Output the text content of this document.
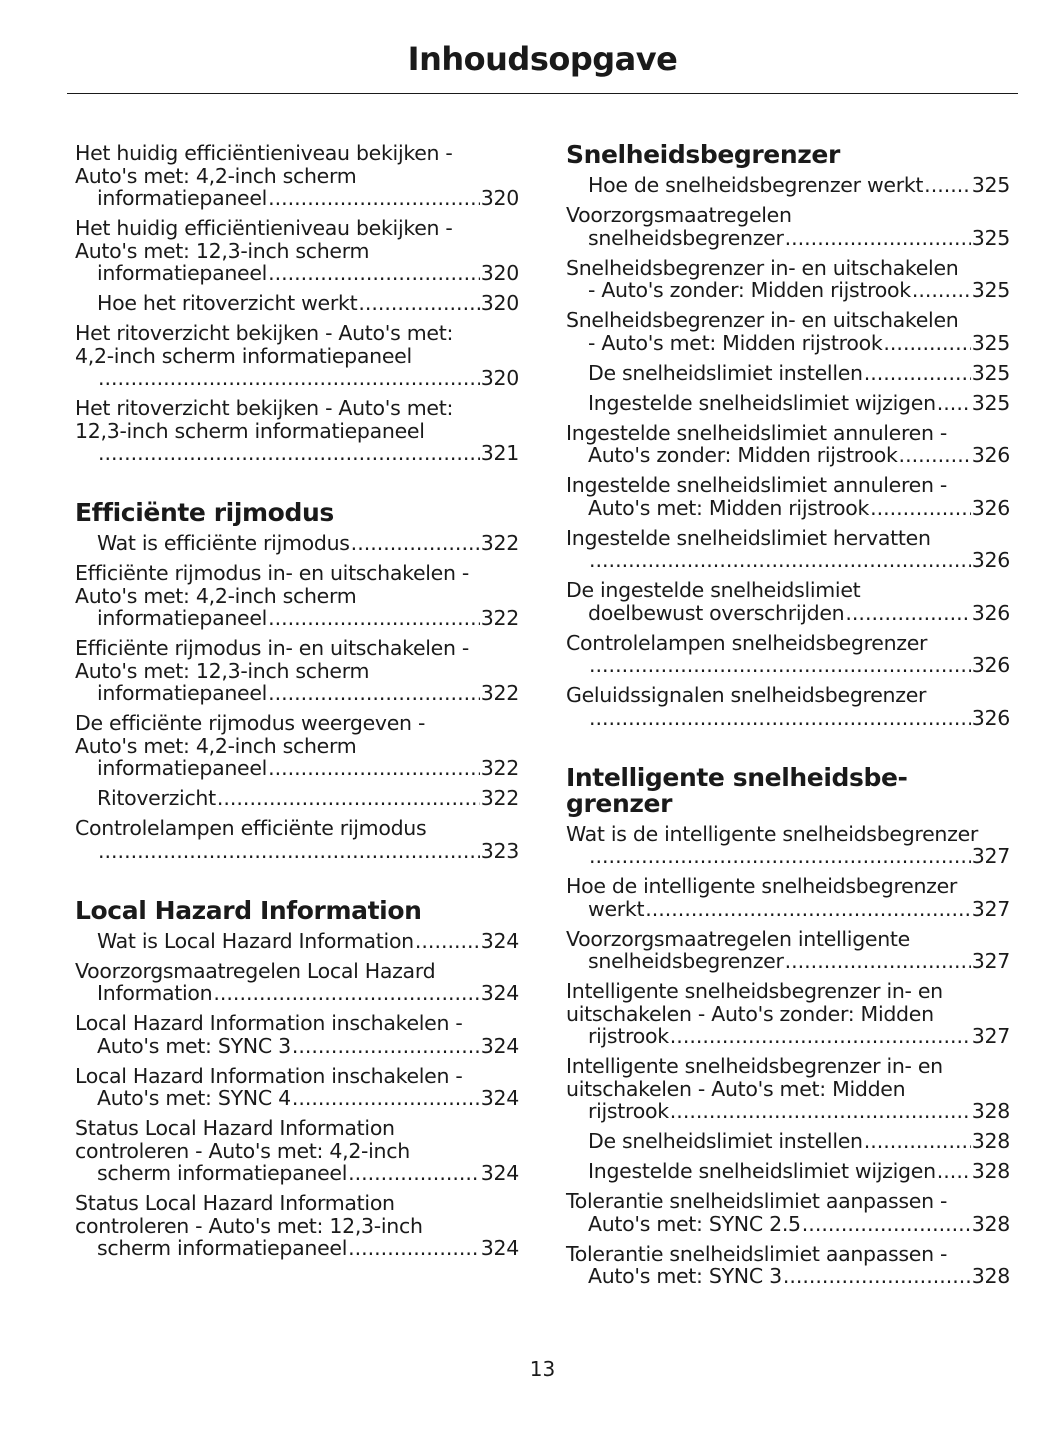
Inhoudsopgave
Het huidig efficiëntieniveau bekijken -
Auto's met: 4,2-inch scherm
informatiepaneel .....	320
Het huidig efficiëntieniveau bekijken -
Auto's met: 12,3-inch scherm
informatiepaneel .....	320
Hoe het ritoverzicht werkt .....	320
Het ritoverzicht bekijken - Auto's met:
4,2-inch scherm informatiepaneel
.....
320
Het ritoverzicht bekijken - Auto's met:
12,3-inch scherm informatiepaneel
.....
321
Efficiënte rijmodus
Wat is efficiënte rijmodus .....	322
Efficiënte rijmodus in- en uitschakelen -
Auto's met: 4,2-inch scherm
informatiepaneel .....	322
Efficiënte rijmodus in- en uitschakelen -
Auto's met: 12,3-inch scherm
informatiepaneel .....	322
De efficiënte rijmodus weergeven -
Auto's met: 4,2-inch scherm
informatiepaneel .....	322
Ritoverzicht .....	322
Controlelampen efficiënte rijmodus
.....
323
Local Hazard Information
Wat is Local Hazard Information .....	324
Voorzorgsmaatregelen Local Hazard
Information .....	324
Local Hazard Information inschakelen -
Auto's met: SYNC 3 .....	324
Local Hazard Information inschakelen -
Auto's met: SYNC 4 .....	324
Status Local Hazard Information
controleren - Auto's met: 4,2-inch
scherm informatiepaneel .....	324
Status Local Hazard Information
controleren - Auto's met: 12,3-inch
scherm informatiepaneel .....	324
Snelheidsbegrenzer
Hoe de snelheidsbegrenzer werkt ..... 325
Voorzorgsmaatregelen
snelheidsbegrenzer .....	325
Snelheidsbegrenzer in- en uitschakelen
- Auto's zonder: Midden rijstrook .....	325
Snelheidsbegrenzer in- en uitschakelen
- Auto's met: Midden rijstrook .....	325
De snelheidslimiet instellen .....	325
Ingestelde snelheidslimiet wijzigen ..... 325
Ingestelde snelheidslimiet annuleren -
Auto's zonder: Midden rijstrook .....	326
Ingestelde snelheidslimiet annuleren -
Auto's met: Midden rijstrook .....	326
Ingestelde snelheidslimiet hervatten
.....
326
De ingestelde snelheidslimiet
doelbewust overschrijden .....	326
Controlelampen snelheidsbegrenzer
.....
326
Geluidssignalen snelheidsbegrenzer
.....
326
Intelligente snelheidsbe-
grenzer
Wat is de intelligente snelheidsbegrenzer
.....
327
Hoe de intelligente snelheidsbegrenzer
werkt .....	327
Voorzorgsmaatregelen intelligente
snelheidsbegrenzer .....	327
Intelligente snelheidsbegrenzer in- en
uitschakelen - Auto's zonder: Midden
rijstrook .....	327
Intelligente snelheidsbegrenzer in- en
uitschakelen - Auto's met: Midden
rijstrook .....	328
De snelheidslimiet instellen .....	328
Ingestelde snelheidslimiet wijzigen ..... 328
Tolerantie snelheidslimiet aanpassen -
Auto's met: SYNC 2.5 .....	328
Tolerantie snelheidslimiet aanpassen -
Auto's met: SYNC 3 .....	328
13
